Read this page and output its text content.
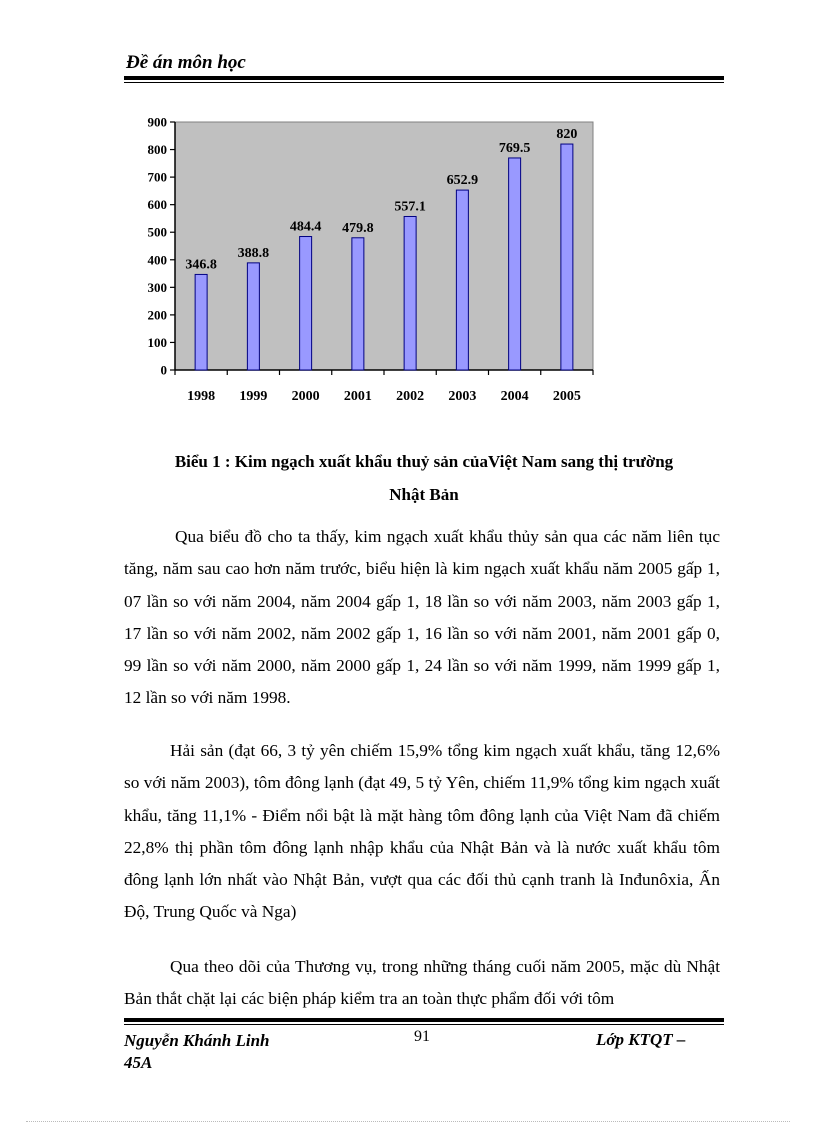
Đề án môn học
0
100
200
300
400
500
600
700
800
900
346.8
1998
388.8
1999
484.4
2000
479.8
2001
557.1
2002
652.9
2003
769.5
2004
820
2005
Biểu 1 : Kim ngạch xuất khẩu thuỷ sản củaViệt Nam sang thị trường
Nhật Bản

Qua biểu đồ cho ta thấy, kim ngạch xuất khẩu thủy sản qua các năm liên tục tăng, năm sau cao hơn năm trước, biểu hiện là kim ngạch xuất khẩu năm 2005 gấp 1, 07 lần so với năm 2004, năm 2004 gấp 1, 18 lần so với năm 2003, năm 2003 gấp 1, 17 lần so với năm 2002, năm 2002 gấp 1, 16 lần so với năm 2001, năm 2001 gấp 0, 99 lần so với năm 2000, năm 2000 gấp 1, 24 lần so với năm 1999, năm 1999 gấp 1, 12 lần so với năm 1998.

Hải sản (đạt 66, 3 tỷ yên chiếm 15,9% tổng kim ngạch xuất khẩu, tăng 12,6% so với năm 2003), tôm đông lạnh (đạt 49, 5 tỷ Yên, chiếm 11,9% tổng kim ngạch xuất khẩu, tăng 11,1% - Điểm nổi bật là mặt hàng tôm đông lạnh của Việt Nam đã chiếm 22,8% thị phần tôm đông lạnh nhập khẩu của Nhật Bản và là nước xuất khẩu tôm đông lạnh lớn nhất vào Nhật Bản, vượt qua các đối thủ cạnh tranh là Inđunôxia, Ấn Độ, Trung Quốc và Nga)

Qua theo dõi của Thương vụ, trong những tháng cuối năm 2005, mặc dù Nhật Bản thắt chặt lại các biện pháp kiểm tra an toàn thực phẩm đối với tôm

Nguyễn Khánh Linh
45A
91	Lớp KTQT –
